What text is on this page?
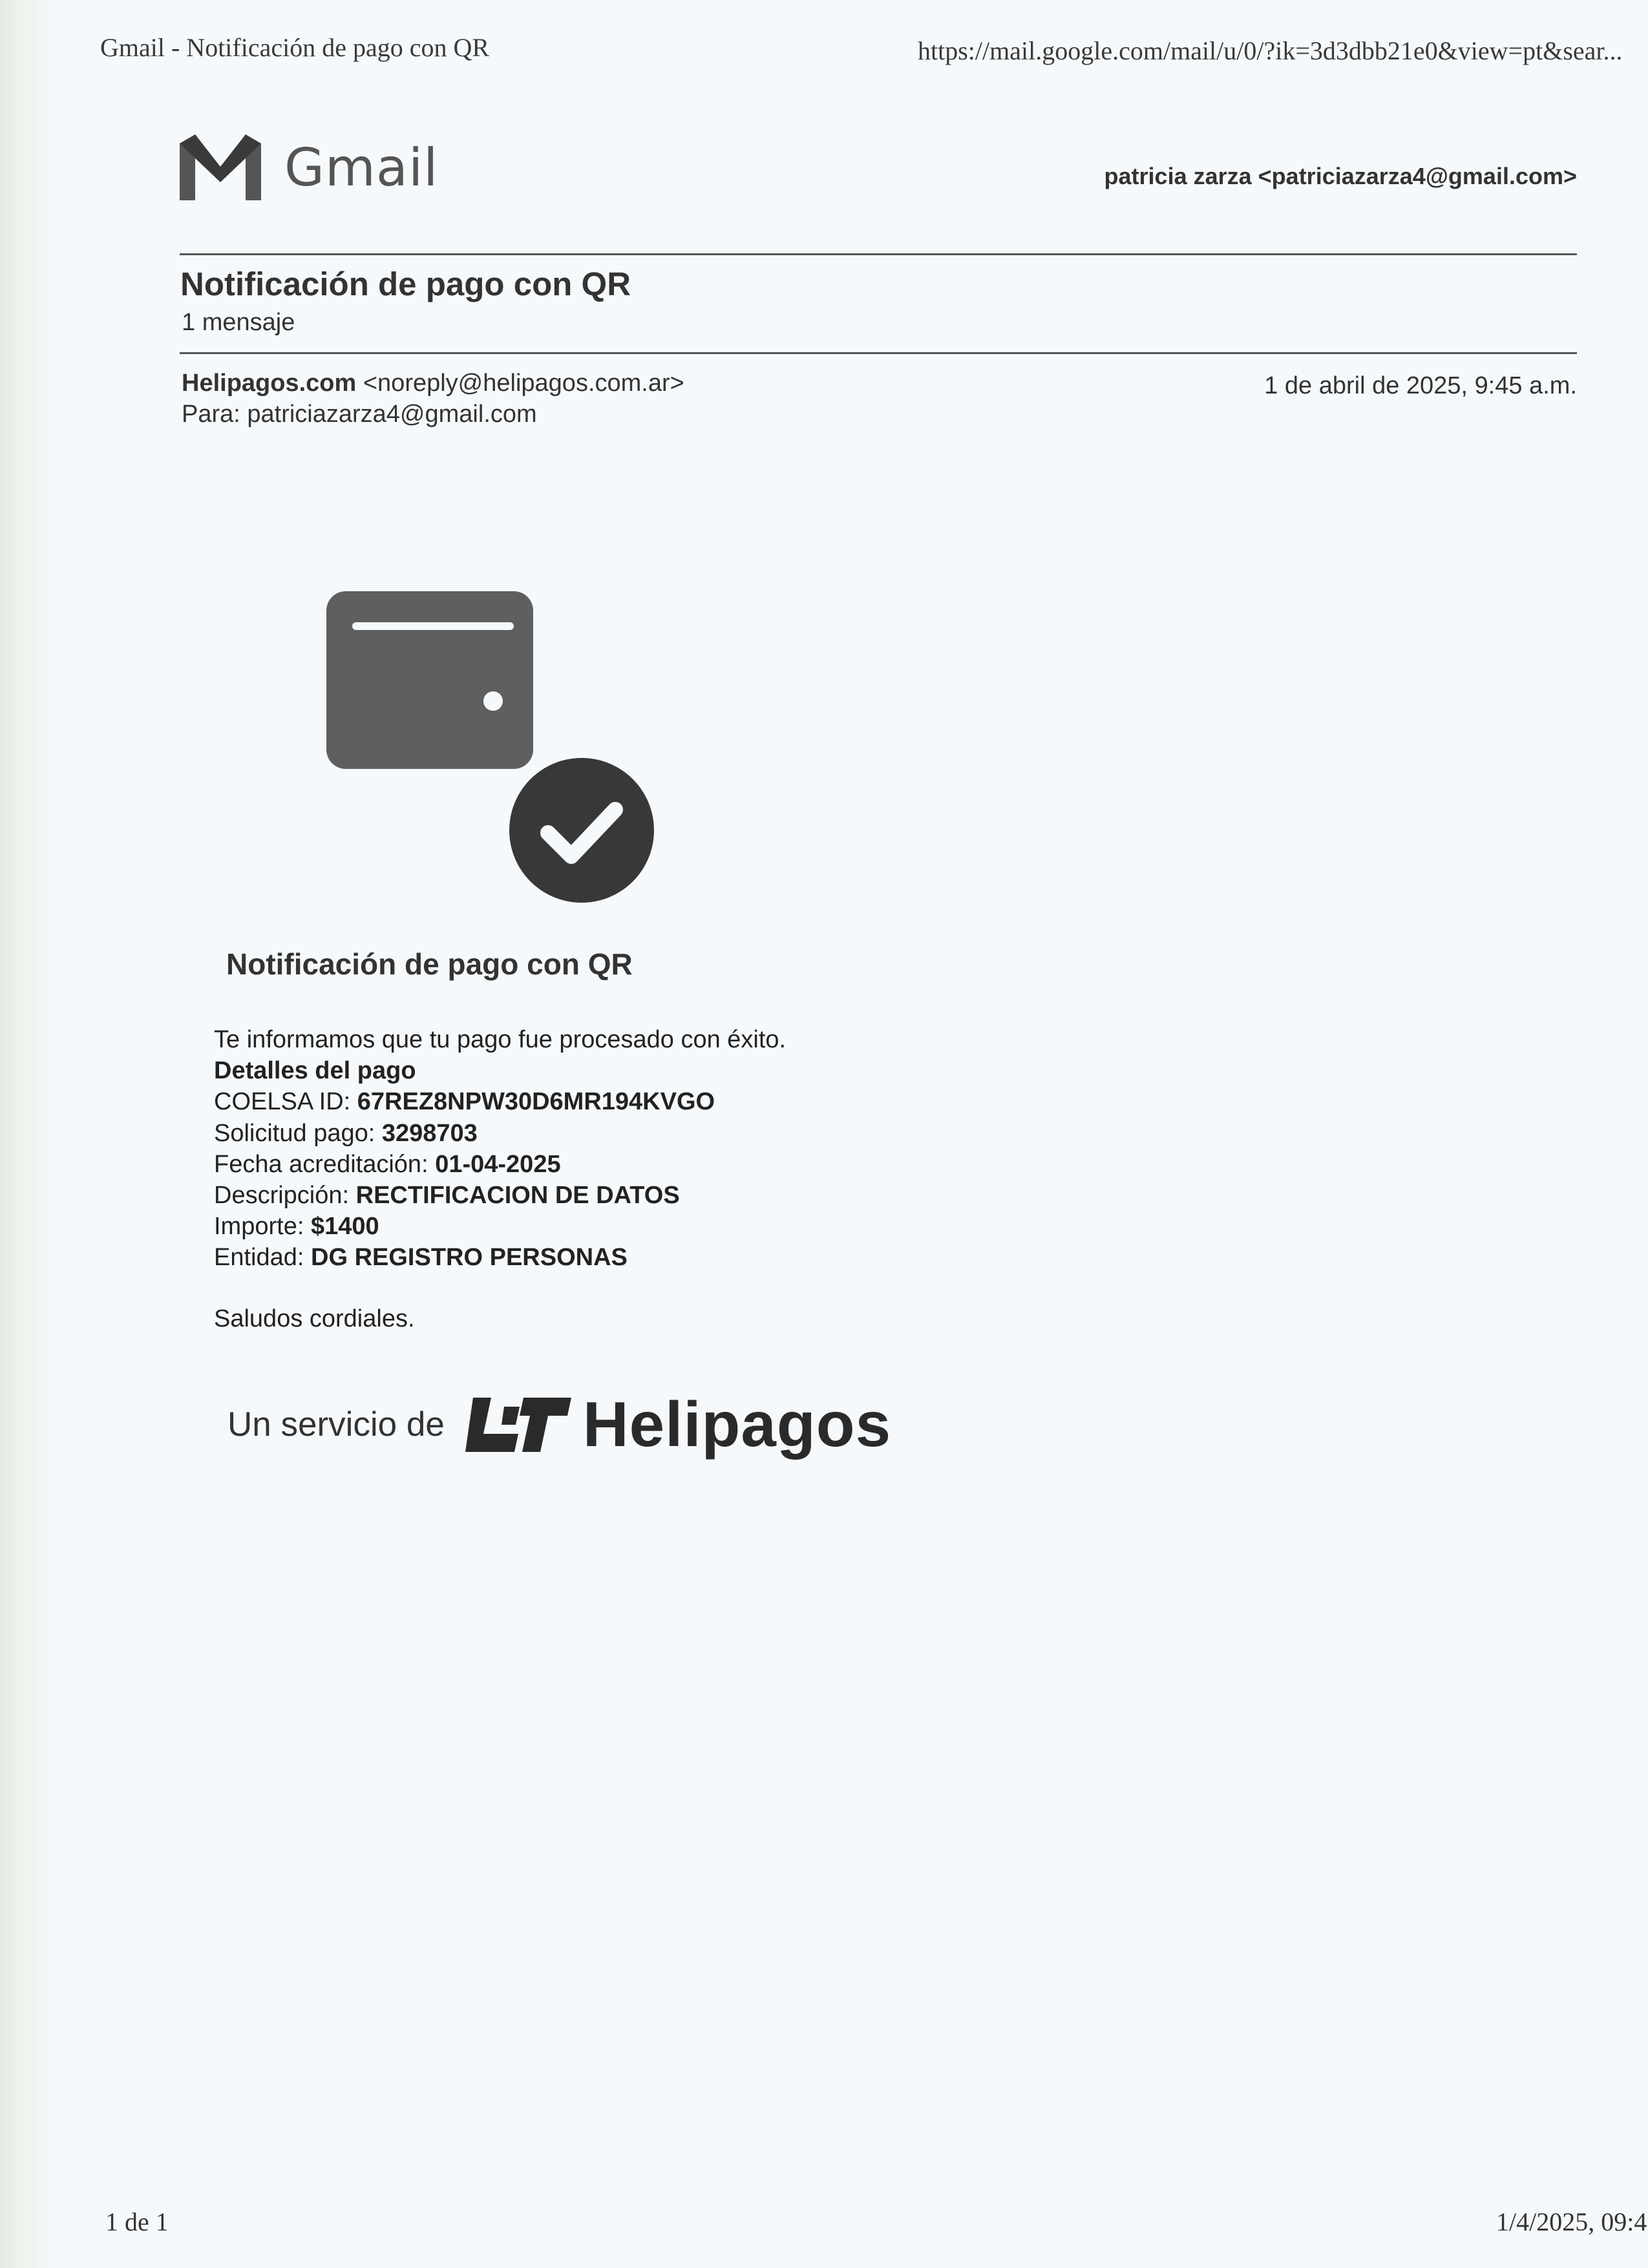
Gmail - Notificación de pago con QR	https://mail.google.com/mail/u/0/?ik=3d3dbb21e0&view=pt&sear...
Gmail	patricia zarza <patriciazarza4@gmail.com>
Notificación de pago con QR
1 mensaje
Helipagos.com <noreply@helipagos.com.ar>
Para: patriciazarza4@gmail.com
1 de abril de 2025, 9:45 a.m.
Notificación de pago con QR
Te informamos que tu pago fue procesado con éxito.
Detalles del pago
COELSA ID: 67REZ8NPW30D6MR194KVGO
Solicitud pago: 3298703
Fecha acreditación: 01-04-2025
Descripción: RECTIFICACION DE DATOS
Importe: $1400
Entidad: DG REGISTRO PERSONAS
Saludos cordiales.
Un servicio de Helipagos
1 de 1	1/4/2025, 09:4
